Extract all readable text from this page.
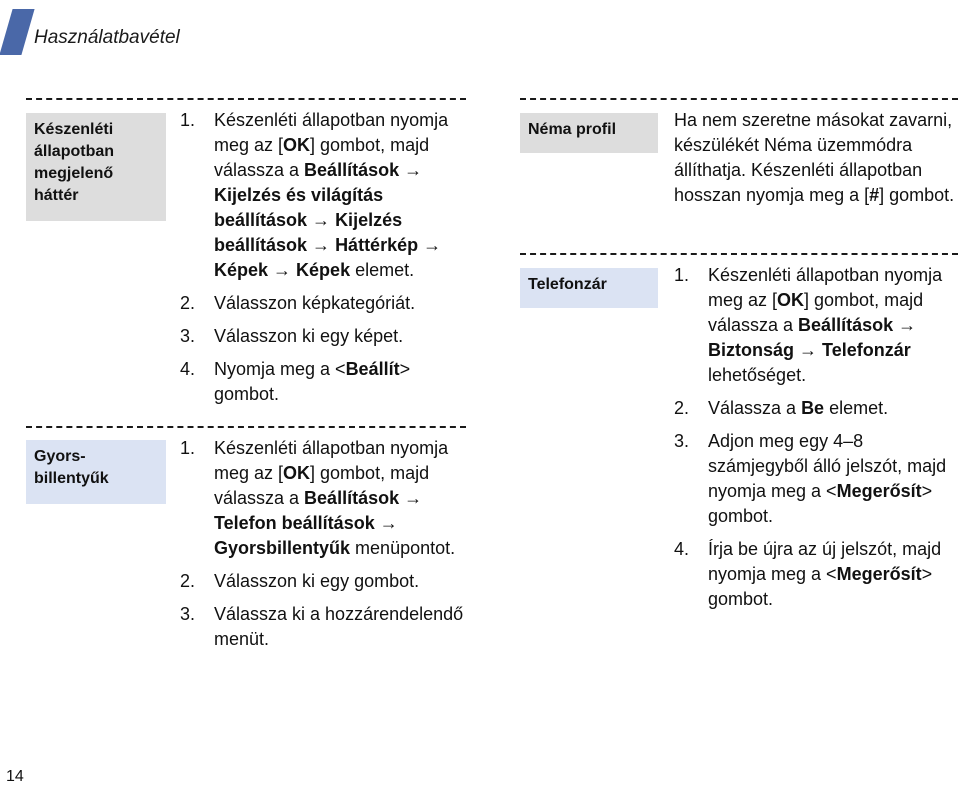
Használatbavétel
Készenléti állapotban megjelenő háttér
1. Készenléti állapotban nyomja meg az [OK] gombot, majd válassza a Beállítások → Kijelzés és világítás beállítások → Kijelzés beállítások → Háttérkép → Képek → Képek elemet.
2. Válasszon képkategóriát.
3. Válasszon ki egy képet.
4. Nyomja meg a <Beállít> gombot.
Gyors-billentyűk
1. Készenléti állapotban nyomja meg az [OK] gombot, majd válassza a Beállítások → Telefon beállítások → Gyorsbillentyűk menüpontot.
2. Válasszon ki egy gombot.
3. Válassza ki a hozzárendelendő menüt.
Néma profil	Ha nem szeretne másokat zavarni, készülékét Néma üzemmódra állíthatja. Készenléti állapotban hosszan nyomja meg a [#] gombot.

Telefonzár	1. Készenléti állapotban nyomja meg az [OK] gombot, majd válassza a Beállítások → Biztonság → Telefonzár lehetőséget.
2. Válassza a Be elemet.
3. Adjon meg egy 4–8 számjegyből álló jelszót, majd nyomja meg a <Megerősít> gombot.
4. Írja be újra az új jelszót, majd nyomja meg a <Megerősít> gombot.
14
